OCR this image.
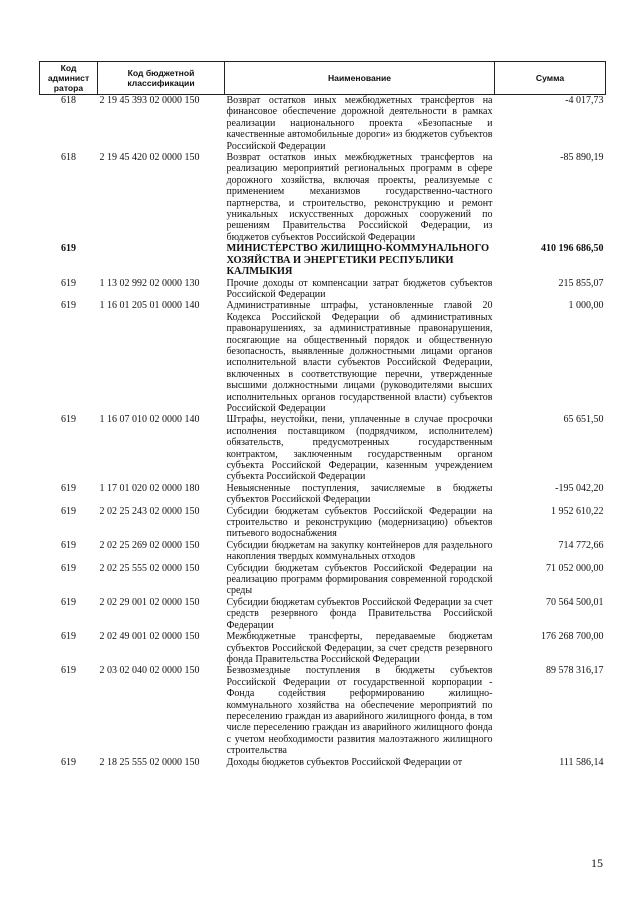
Код админист ратора	Код бюджетной классификации	Наименование	Сумма
618	2 19 45 393 02 0000 150	Возврат остатков иных межбюджетных трансфертов на финансовое обеспечение дорожной деятельности в рамках реализации национального проекта «Безопасные и качественные автомобильные дороги» из бюджетов субъектов Российской Федерации	-4 017,73
618	2 19 45 420 02 0000 150	Возврат остатков иных межбюджетных трансфертов на реализацию мероприятий региональных программ в сфере дорожного хозяйства, включая проекты, реализуемые с применением механизмов государственно-частного партнерства, и строительство, реконструкцию и ремонт уникальных искусственных дорожных сооружений по решениям Правительства Российской Федерации, из бюджетов субъектов Российской Федерации	-85 890,19
619		МИНИСТЕРСТВО ЖИЛИЩНО-КОММУНАЛЬНОГО ХОЗЯЙСТВА И ЭНЕРГЕТИКИ РЕСПУБЛИКИ КАЛМЫКИЯ	410 196 686,50
619	1 13 02 992 02 0000 130	Прочие доходы от компенсации затрат бюджетов субъектов Российской Федерации	215 855,07
619	1 16 01 205 01 0000 140	Административные штрафы, установленные главой 20 Кодекса Российской Федерации об административных правонарушениях, за административные правонарушения, посягающие на общественный порядок и общественную безопасность, выявленные должностными лицами органов исполнительной власти субъектов Российской Федерации, включенных в соответствующие перечни, утвержденные высшими должностными лицами (руководителями высших исполнительных органов государственной власти) субъектов Российской Федерации	1 000,00
619	1 16 07 010 02 0000 140	Штрафы, неустойки, пени, уплаченные в случае просрочки исполнения поставщиком (подрядчиком, исполнителем) обязательств, предусмотренных государственным контрактом, заключенным государственным органом субъекта Российской Федерации, казенным учреждением субъекта Российской Федерации	65 651,50
619	1 17 01 020 02 0000 180	Невыясненные поступления, зачисляемые в бюджеты субъектов Российской Федерации	-195 042,20
619	2 02 25 243 02 0000 150	Субсидии бюджетам субъектов Российской Федерации на строительство и реконструкцию (модернизацию) объектов питьевого водоснабжения	1 952 610,22
619	2 02 25 269 02 0000 150	Субсидии бюджетам на закупку контейнеров для раздельного накопления твердых коммунальных отходов	714 772,66
619	2 02 25 555 02 0000 150	Субсидии бюджетам субъектов Российской Федерации на реализацию программ формирования современной городской среды	71 052 000,00
619	2 02 29 001 02 0000 150	Субсидии бюджетам субъектов Российской Федерации за счет средств резервного фонда Правительства Российской Федерации	70 564 500,01
619	2 02 49 001 02 0000 150	Межбюджетные трансферты, передаваемые бюджетам субъектов Российской Федерации, за счет средств резервного фонда Правительства Российской Федерации	176 268 700,00
619	2 03 02 040 02 0000 150	Безвозмездные поступления в бюджеты субъектов Российской Федерации от государственной корпорации - Фонда содействия реформированию жилищно-коммунального хозяйства на обеспечение мероприятий по переселению граждан из аварийного жилищного фонда, в том числе переселению граждан из аварийного жилищного фонда с учетом необходимости развития малоэтажного жилищного строительства	89 578 316,17
619	2 18 25 555 02 0000 150	Доходы бюджетов субъектов Российской Федерации от	111 586,14
15
